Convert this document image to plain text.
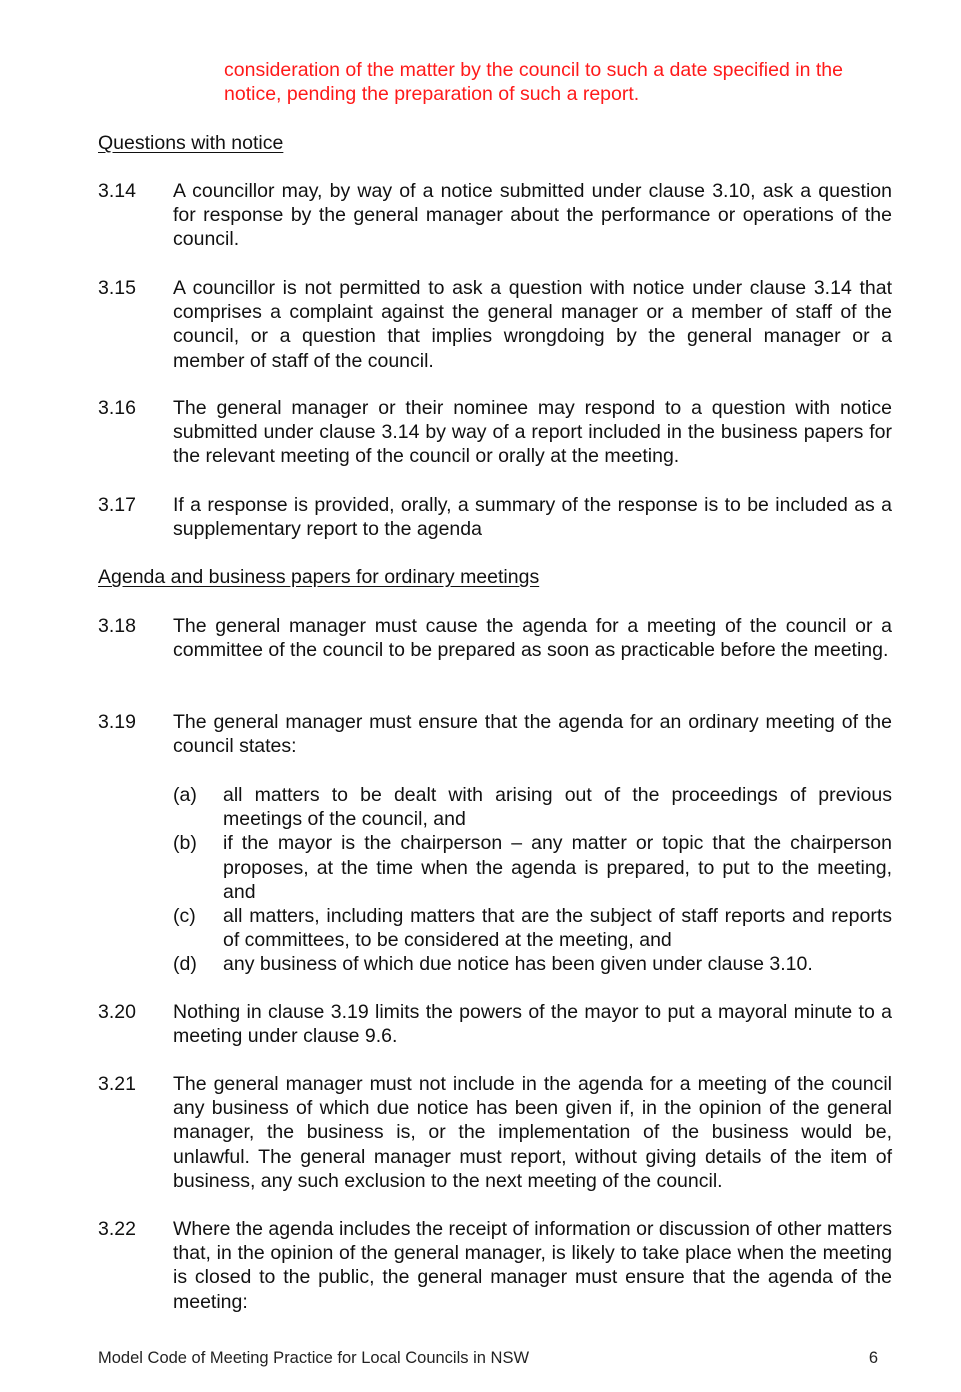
consideration of the matter by the council to such a date specified in the notice, pending the preparation of such a report.
Questions with notice
3.14 A councillor may, by way of a notice submitted under clause 3.10, ask a question for response by the general manager about the performance or operations of the council.
3.15 A councillor is not permitted to ask a question with notice under clause 3.14 that comprises a complaint against the general manager or a member of staff of the council, or a question that implies wrongdoing by the general manager or a member of staff of the council.
3.16 The general manager or their nominee may respond to a question with notice submitted under clause 3.14 by way of a report included in the business papers for the relevant meeting of the council or orally at the meeting.
3.17 If a response is provided, orally, a summary of the response is to be included as a supplementary report to the agenda
Agenda and business papers for ordinary meetings
3.18 The general manager must cause the agenda for a meeting of the council or a committee of the council to be prepared as soon as practicable before the meeting.
3.19 The general manager must ensure that the agenda for an ordinary meeting of the council states:
(a) all matters to be dealt with arising out of the proceedings of previous meetings of the council, and
(b) if the mayor is the chairperson – any matter or topic that the chairperson proposes, at the time when the agenda is prepared, to put to the meeting, and
(c) all matters, including matters that are the subject of staff reports and reports of committees, to be considered at the meeting, and
(d) any business of which due notice has been given under clause 3.10.
3.20 Nothing in clause 3.19 limits the powers of the mayor to put a mayoral minute to a meeting under clause 9.6.
3.21 The general manager must not include in the agenda for a meeting of the council any business of which due notice has been given if, in the opinion of the general manager, the business is, or the implementation of the business would be, unlawful. The general manager must report, without giving details of the item of business, any such exclusion to the next meeting of the council.
3.22 Where the agenda includes the receipt of information or discussion of other matters that, in the opinion of the general manager, is likely to take place when the meeting is closed to the public, the general manager must ensure that the agenda of the meeting:
Model Code of Meeting Practice for Local Councils in NSW	6
